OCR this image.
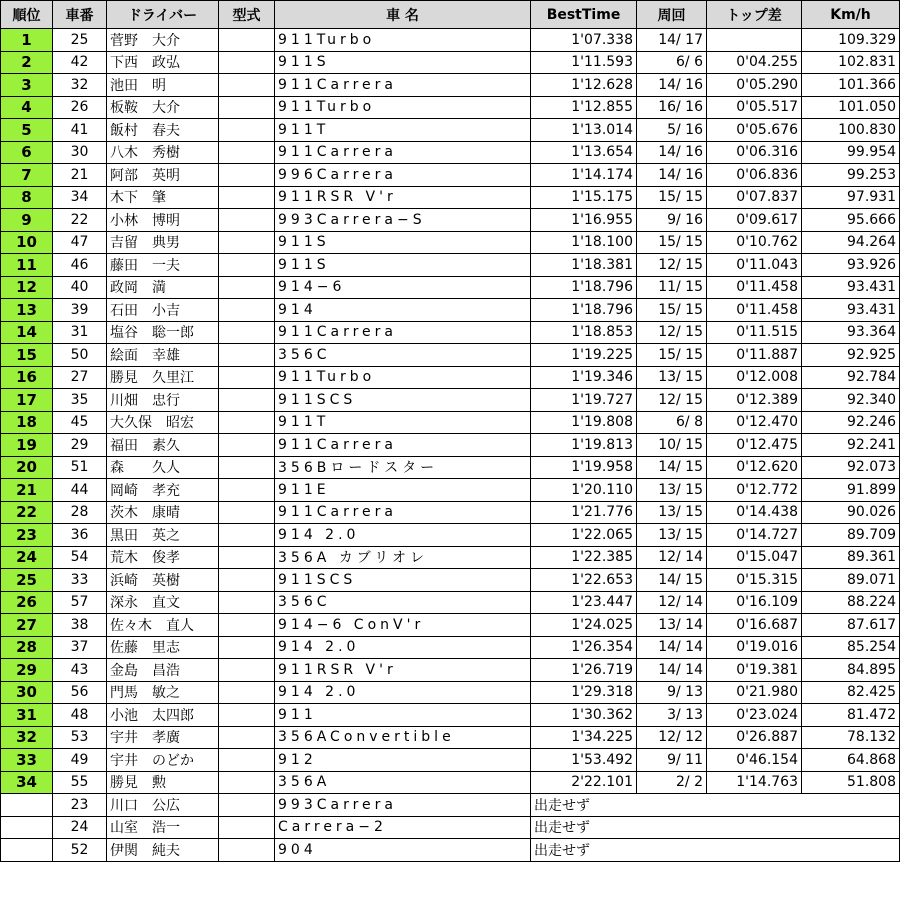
順位	車番	ドライバー	型式	車 名	BestTime	周回	トップ差	Km/h
1	25	菅野　大介		911Turbo	1'07.338	14/ 17		109.329
2	42	下西　政弘		911S	1'11.593	6/ 6	0'04.255	102.831
3	32	池田　明		911Carrera	1'12.628	14/ 16	0'05.290	101.366
4	26	板鞍　大介		911Turbo	1'12.855	16/ 16	0'05.517	101.050
5	41	飯村　春夫		911T	1'13.014	5/ 16	0'05.676	100.830
6	30	八木　秀樹		911Carrera	1'13.654	14/ 16	0'06.316	99.954
7	21	阿部　英明		996Carrera	1'14.174	14/ 16	0'06.836	99.253
8	34	木下　肇		911RSR V'r	1'15.175	15/ 15	0'07.837	97.931
9	22	小林　博明		993Carrera−S	1'16.955	9/ 16	0'09.617	95.666
10	47	吉留　典男		911S	1'18.100	15/ 15	0'10.762	94.264
11	46	藤田　一夫		911S	1'18.381	12/ 15	0'11.043	93.926
12	40	政岡　満		914−6	1'18.796	11/ 15	0'11.458	93.431
13	39	石田　小吉		914	1'18.796	15/ 15	0'11.458	93.431
14	31	塩谷　聡一郎		911Carrera	1'18.853	12/ 15	0'11.515	93.364
15	50	絵面　幸雄		356C	1'19.225	15/ 15	0'11.887	92.925
16	27	勝見　久里江		911Turbo	1'19.346	13/ 15	0'12.008	92.784
17	35	川畑　忠行		911SCS	1'19.727	12/ 15	0'12.389	92.340
18	45	大久保　昭宏		911T	1'19.808	6/ 8	0'12.470	92.246
19	29	福田　素久		911Carrera	1'19.813	10/ 15	0'12.475	92.241
20	51	森　　久人		356Bロードスター	1'19.958	14/ 15	0'12.620	92.073
21	44	岡崎　孝充		911E	1'20.110	13/ 15	0'12.772	91.899
22	28	茨木　康晴		911Carrera	1'21.776	13/ 15	0'14.438	90.026
23	36	黒田　英之		914 2.0	1'22.065	13/ 15	0'14.727	89.709
24	54	荒木　俊孝		356A カブリオレ	1'22.385	12/ 14	0'15.047	89.361
25	33	浜崎　英樹		911SCS	1'22.653	14/ 15	0'15.315	89.071
26	57	深永　直文		356C	1'23.447	12/ 14	0'16.109	88.224
27	38	佐々木　直人		914−6 ConV'r	1'24.025	13/ 14	0'16.687	87.617
28	37	佐藤　里志		914 2.0	1'26.354	14/ 14	0'19.016	85.254
29	43	金島　昌浩		911RSR V'r	1'26.719	14/ 14	0'19.381	84.895
30	56	門馬　敏之		914 2.0	1'29.318	9/ 13	0'21.980	82.425
31	48	小池　太四郎		911	1'30.362	3/ 13	0'23.024	81.472
32	53	宇井　孝廣		356AConvertible	1'34.225	12/ 12	0'26.887	78.132
33	49	宇井　のどか		912	1'53.492	9/ 11	0'46.154	64.868
34	55	勝見　勲		356A	2'22.101	2/ 2	1'14.763	51.808
	23	川口　公広		993Carrera	出走せず			
	24	山室　浩一		Carrera−2	出走せず			
	52	伊関　純夫		904	出走せず			
